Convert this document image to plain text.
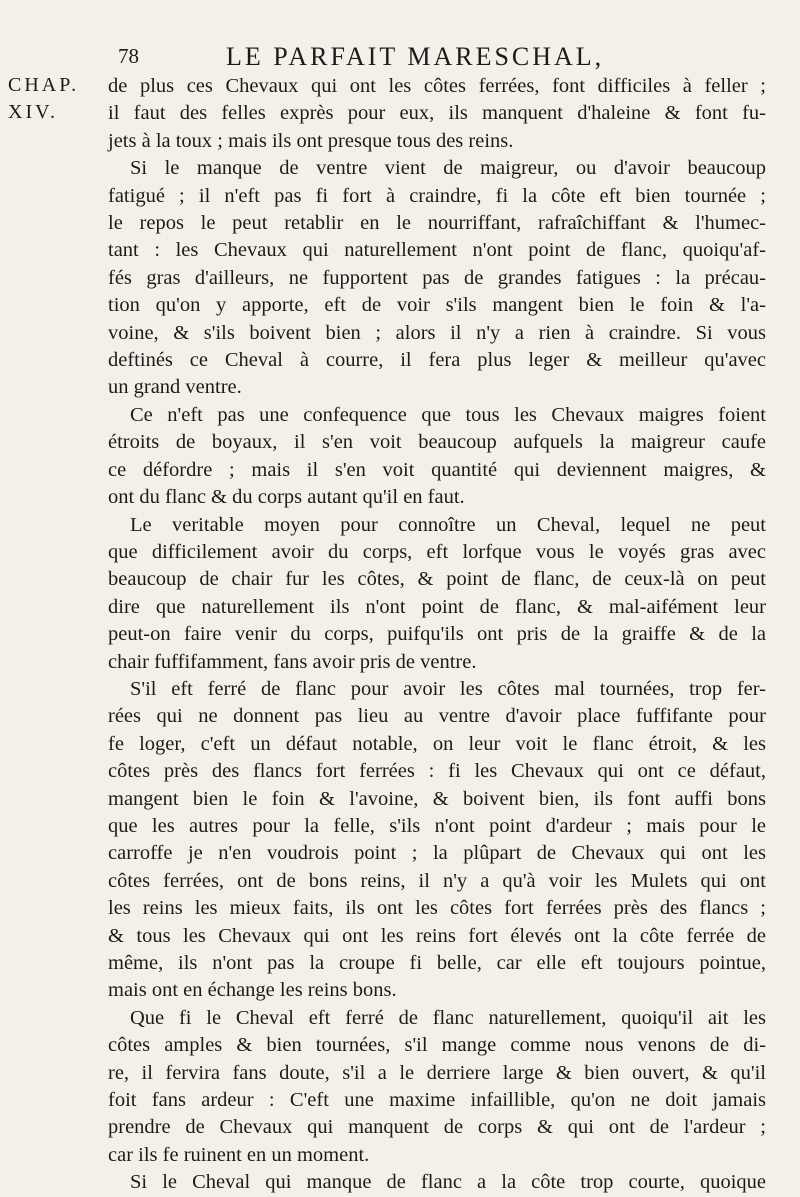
78	LE PARFAIT MARESCHAL,
CHAP.
XIV.
de plus ces Chevaux qui ont les côtes ferrées, font difficiles à feller ;
il faut des felles exprès pour eux, ils manquent d'haleine & font fu-
jets à la toux ; mais ils ont presque tous des reins.
Si le manque de ventre vient de maigreur, ou d'avoir beaucoup
fatigué ; il n'eft pas fi fort à craindre, fi la côte eft bien tournée ;
le repos le peut retablir en le nourriffant, rafraîchiffant & l'humec-
tant : les Chevaux qui naturellement n'ont point de flanc, quoiqu'af-
fés gras d'ailleurs, ne fupportent pas de grandes fatigues : la précau-
tion qu'on y apporte, eft de voir s'ils mangent bien le foin & l'a-
voine, & s'ils boivent bien ; alors il n'y a rien à craindre. Si vous
deftinés ce Cheval à courre, il fera plus leger & meilleur qu'avec
un grand ventre.
Ce n'eft pas une confequence que tous les Chevaux maigres foient
étroits de boyaux, il s'en voit beaucoup aufquels la maigreur caufe
ce défordre ; mais il s'en voit quantité qui deviennent maigres, &
ont du flanc & du corps autant qu'il en faut.
Le veritable moyen pour connoître un Cheval, lequel ne peut
que difficilement avoir du corps, eft lorfque vous le voyés gras avec
beaucoup de chair fur les côtes, & point de flanc, de ceux-là on peut
dire que naturellement ils n'ont point de flanc, & mal-aifément leur
peut-on faire venir du corps, puifqu'ils ont pris de la graiffe & de la
chair fuffifamment, fans avoir pris de ventre.
S'il eft ferré de flanc pour avoir les côtes mal tournées, trop fer-
rées qui ne donnent pas lieu au ventre d'avoir place fuffifante pour
fe loger, c'eft un défaut notable, on leur voit le flanc étroit, & les
côtes près des flancs fort ferrées : fi les Chevaux qui ont ce défaut,
mangent bien le foin & l'avoine, & boivent bien, ils font auffi bons
que les autres pour la felle, s'ils n'ont point d'ardeur ; mais pour le
carroffe je n'en voudrois point ; la plûpart de Chevaux qui ont les
côtes ferrées, ont de bons reins, il n'y a qu'à voir les Mulets qui ont
les reins les mieux faits, ils ont les côtes fort ferrées près des flancs ;
& tous les Chevaux qui ont les reins fort élevés ont la côte ferrée de
même, ils n'ont pas la croupe fi belle, car elle eft toujours pointue,
mais ont en échange les reins bons.
Que fi le Cheval eft ferré de flanc naturellement, quoiqu'il ait les
côtes amples & bien tournées, s'il mange comme nous venons de di-
re, il fervira fans doute, s'il a le derriere large & bien ouvert, & qu'il
foit fans ardeur : C'eft une maxime infaillible, qu'on ne doit jamais
prendre de Chevaux qui manquent de corps & qui ont de l'ardeur ;
car ils fe ruinent en un moment.
Si le Cheval qui manque de flanc a la côte trop courte, quoique
